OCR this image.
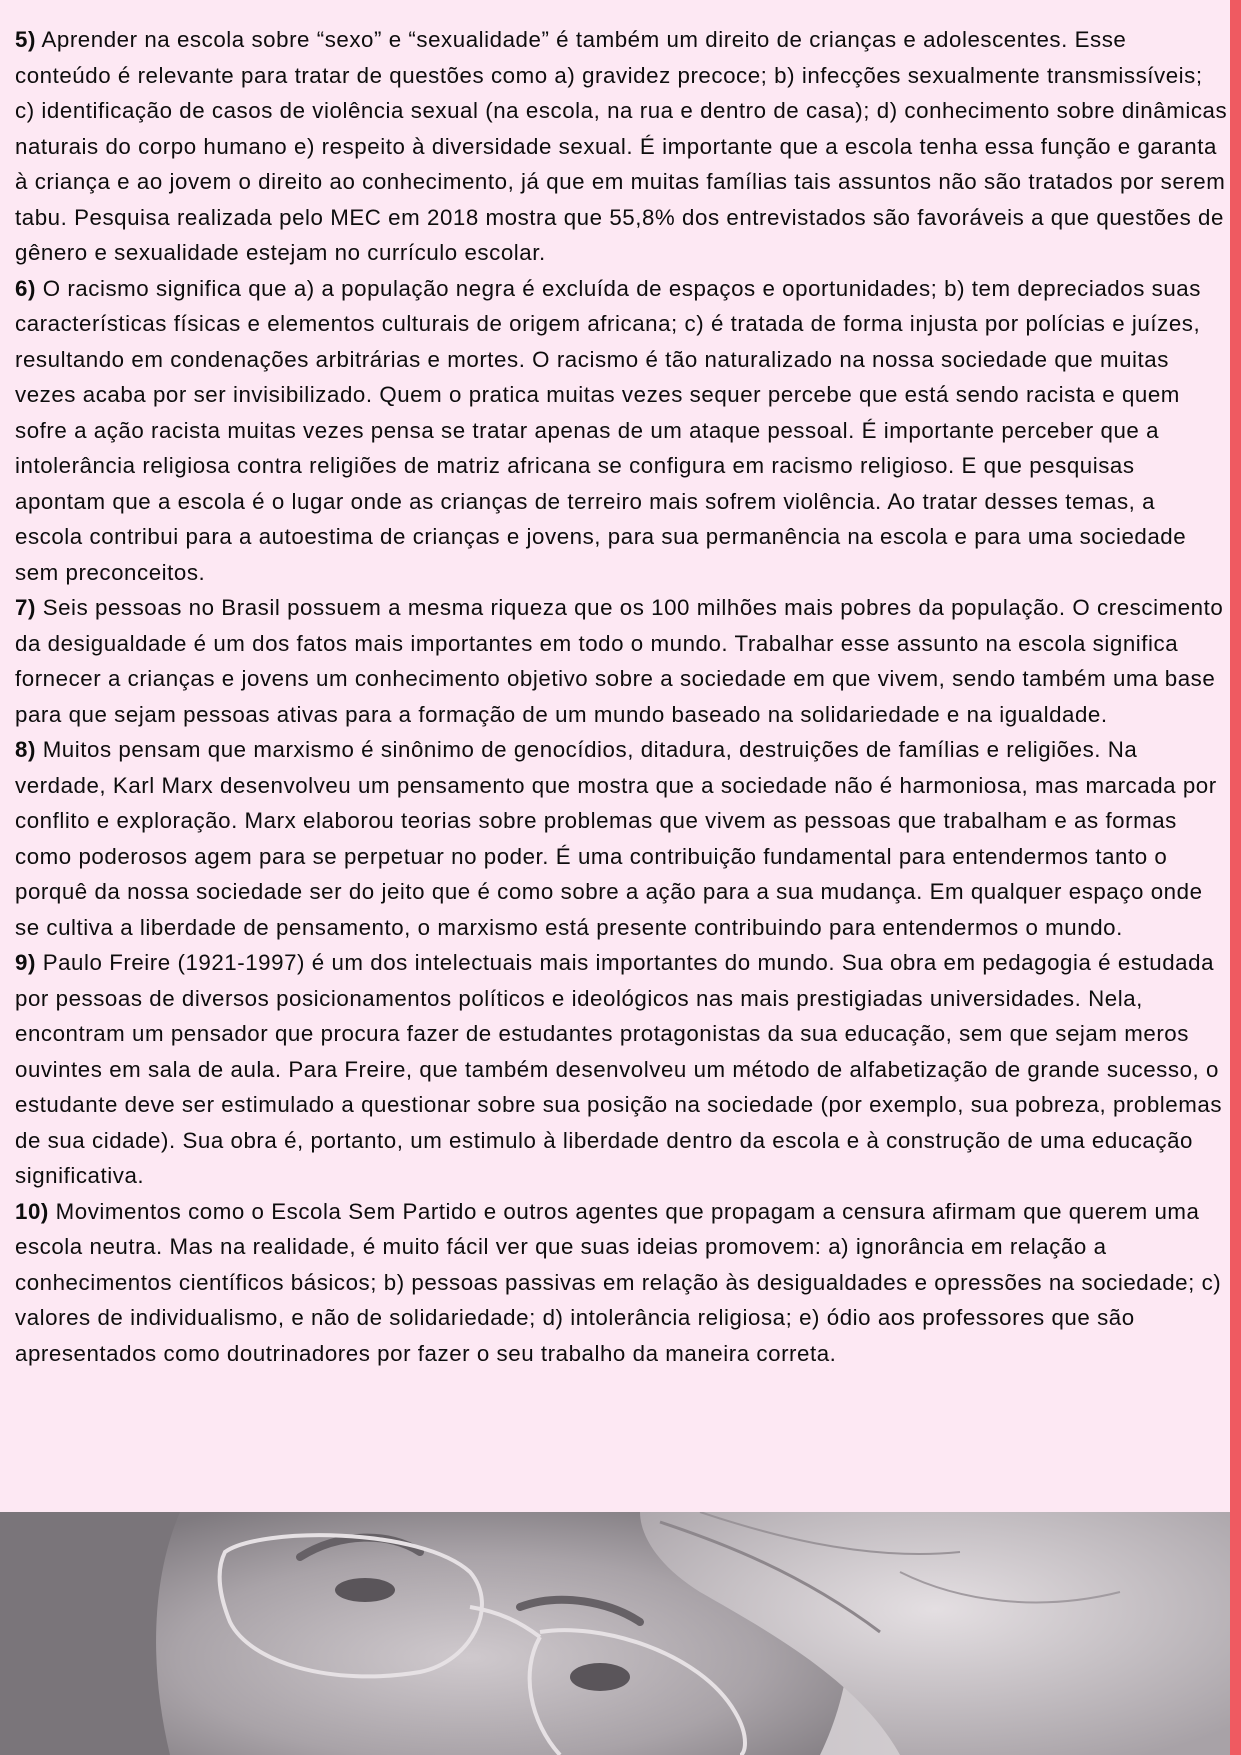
5) Aprender na escola sobre “sexo” e “sexualidade” é também um direito de crianças e adolescentes. Esse conteúdo é relevante para tratar de questões como a) gravidez precoce; b) infecções sexualmente transmissíveis; c) identificação de casos de violência sexual (na escola, na rua e dentro de casa); d) conhecimento sobre dinâmicas naturais do corpo humano e) respeito à diversidade sexual. É importante que a escola tenha essa função e garanta à criança e ao jovem o direito ao conhecimento, já que em muitas famílias tais assuntos não são tratados por serem tabu. Pesquisa realizada pelo MEC em 2018 mostra que 55,8% dos entrevistados são favoráveis a que questões de gênero e sexualidade estejam no currículo escolar.

6) O racismo significa que a) a população negra é excluída de espaços e oportunidades; b) tem depreciados suas características físicas e elementos culturais de origem africana; c) é tratada de forma injusta por polícias e juízes, resultando em condenações arbitrárias e mortes. O racismo é tão naturalizado na nossa sociedade que muitas vezes acaba por ser invisibilizado. Quem o pratica muitas vezes sequer percebe que está sendo racista e quem sofre a ação racista muitas vezes pensa se tratar apenas de um ataque pessoal. É importante perceber que a intolerância religiosa contra religiões de matriz africana se configura em racismo religioso. E que pesquisas apontam que a escola é o lugar onde as crianças de terreiro mais sofrem violência. Ao tratar desses temas, a escola contribui para a autoestima de crianças e jovens, para sua permanência na escola e para uma sociedade sem preconceitos.

7) Seis pessoas no Brasil possuem a mesma riqueza que os 100 milhões mais pobres da população. O crescimento da desigualdade é um dos fatos mais importantes em todo o mundo. Trabalhar esse assunto na escola significa fornecer a crianças e jovens um conhecimento objetivo sobre a sociedade em que vivem, sendo também uma base para que sejam pessoas ativas para a formação de um mundo baseado na solidariedade e na igualdade.

8) Muitos pensam que marxismo é sinônimo de genocídios, ditadura, destruições de famílias e religiões. Na verdade, Karl Marx desenvolveu um pensamento que mostra que a sociedade não é harmoniosa, mas marcada por conflito e exploração. Marx elaborou teorias sobre problemas que vivem as pessoas que trabalham e as formas como poderosos agem para se perpetuar no poder. É uma contribuição fundamental para entendermos tanto o porquê da nossa sociedade ser do jeito que é como sobre a ação para a sua mudança. Em qualquer espaço onde se cultiva a liberdade de pensamento, o marxismo está presente contribuindo para entendermos o mundo.

9) Paulo Freire (1921-1997) é um dos intelectuais mais importantes do mundo. Sua obra em pedagogia é estudada por pessoas de diversos posicionamentos políticos e ideológicos nas mais prestigiadas universidades. Nela, encontram um pensador que procura fazer de estudantes protagonistas da sua educação, sem que sejam meros ouvintes em sala de aula. Para Freire, que também desenvolveu um método de alfabetização de grande sucesso, o estudante deve ser estimulado a questionar sobre sua posição na sociedade (por exemplo, sua pobreza, problemas de sua cidade). Sua obra é, portanto, um estimulo à liberdade dentro da escola e à construção de uma educação significativa.

10) Movimentos como o Escola Sem Partido e outros agentes que propagam a censura afirmam que querem uma escola neutra. Mas na realidade, é muito fácil ver que suas ideias promovem: a) ignorância em relação a conhecimentos científicos básicos; b) pessoas passivas em relação às desigualdades e opressões na sociedade; c) valores de individualismo, e não de solidariedade; d) intolerância religiosa; e) ódio aos professores que são apresentados como doutrinadores por fazer o seu trabalho da maneira correta.
